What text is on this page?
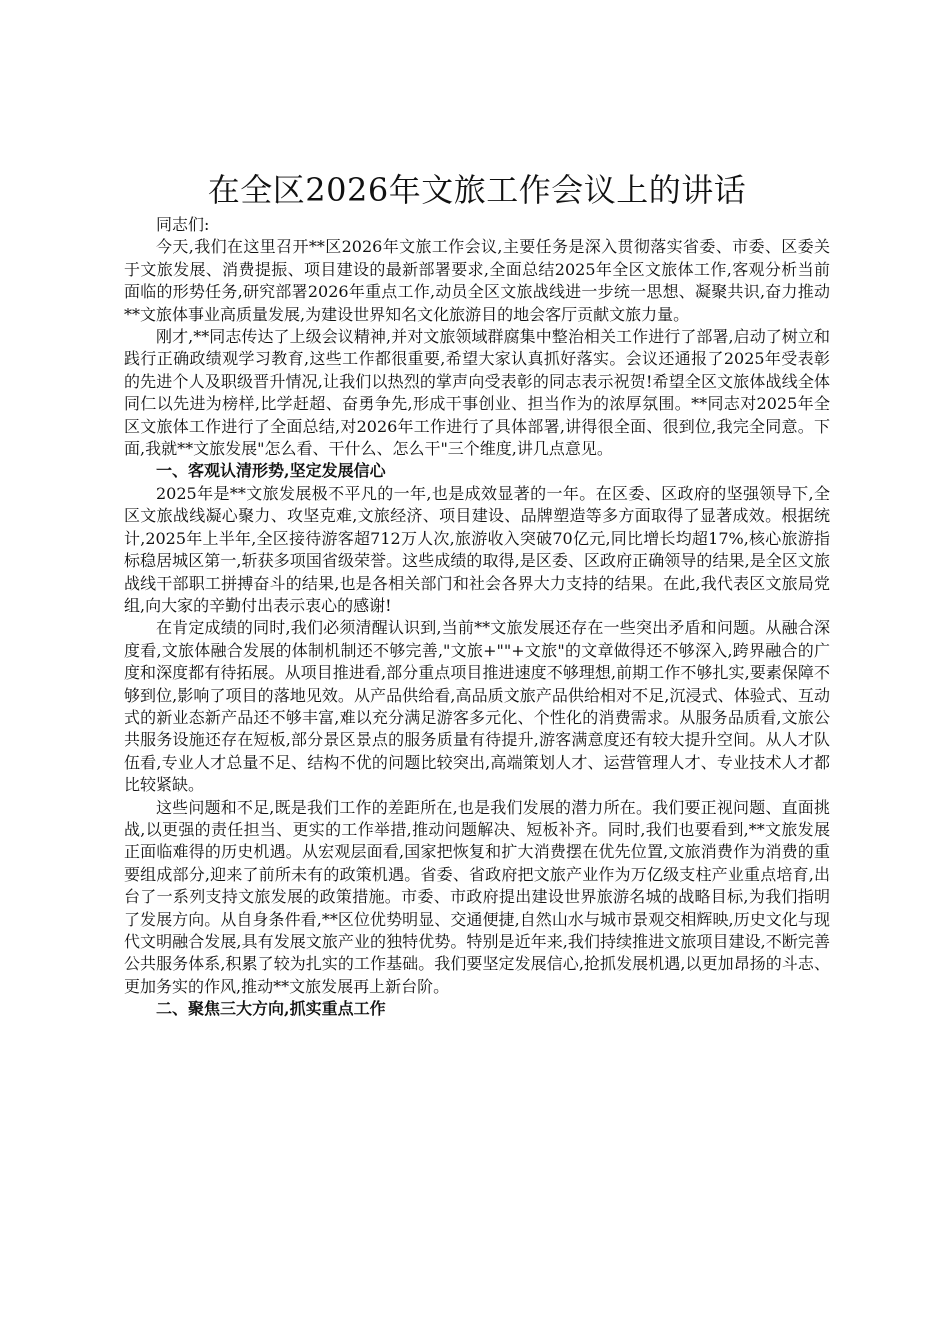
在全区2026年文旅工作会议上的讲话

同志们:

今天,我们在这里召开**区2026年文旅工作会议,主要任务是深入贯彻落实省委、市委、区委关于文旅发展、消费提振、项目建设的最新部署要求,全面总结2025年全区文旅体工作,客观分析当前面临的形势任务,研究部署2026年重点工作,动员全区文旅战线进一步统一思想、凝聚共识,奋力推动**文旅体事业高质量发展,为建设世界知名文化旅游目的地会客厅贡献文旅力量。

刚才,**同志传达了上级会议精神,并对文旅领域群腐集中整治相关工作进行了部署,启动了树立和践行正确政绩观学习教育,这些工作都很重要,希望大家认真抓好落实。会议还通报了2025年受表彰的先进个人及职级晋升情况,让我们以热烈的掌声向受表彰的同志表示祝贺!希望全区文旅体战线全体同仁以先进为榜样,比学赶超、奋勇争先,形成干事创业、担当作为的浓厚氛围。**同志对2025年全区文旅体工作进行了全面总结,对2026年工作进行了具体部署,讲得很全面、很到位,我完全同意。下面,我就**文旅发展"怎么看、干什么、怎么干"三个维度,讲几点意见。

一、客观认清形势,坚定发展信心

2025年是**文旅发展极不平凡的一年,也是成效显著的一年。在区委、区政府的坚强领导下,全区文旅战线凝心聚力、攻坚克难,文旅经济、项目建设、品牌塑造等多方面取得了显著成效。根据统计,2025年上半年,全区接待游客超712万人次,旅游收入突破70亿元,同比增长均超17%,核心旅游指标稳居城区第一,斩获多项国省级荣誉。这些成绩的取得,是区委、区政府正确领导的结果,是全区文旅战线干部职工拼搏奋斗的结果,也是各相关部门和社会各界大力支持的结果。在此,我代表区文旅局党组,向大家的辛勤付出表示衷心的感谢!

在肯定成绩的同时,我们必须清醒认识到,当前**文旅发展还存在一些突出矛盾和问题。从融合深度看,文旅体融合发展的体制机制还不够完善,"文旅+""+文旅"的文章做得还不够深入,跨界融合的广度和深度都有待拓展。从项目推进看,部分重点项目推进速度不够理想,前期工作不够扎实,要素保障不够到位,影响了项目的落地见效。从产品供给看,高品质文旅产品供给相对不足,沉浸式、体验式、互动式的新业态新产品还不够丰富,难以充分满足游客多元化、个性化的消费需求。从服务品质看,文旅公共服务设施还存在短板,部分景区景点的服务质量有待提升,游客满意度还有较大提升空间。从人才队伍看,专业人才总量不足、结构不优的问题比较突出,高端策划人才、运营管理人才、专业技术人才都比较紧缺。

这些问题和不足,既是我们工作的差距所在,也是我们发展的潜力所在。我们要正视问题、直面挑战,以更强的责任担当、更实的工作举措,推动问题解决、短板补齐。同时,我们也要看到,**文旅发展正面临难得的历史机遇。从宏观层面看,国家把恢复和扩大消费摆在优先位置,文旅消费作为消费的重要组成部分,迎来了前所未有的政策机遇。省委、省政府把文旅产业作为万亿级支柱产业重点培育,出台了一系列支持文旅发展的政策措施。市委、市政府提出建设世界旅游名城的战略目标,为我们指明了发展方向。从自身条件看,**区位优势明显、交通便捷,自然山水与城市景观交相辉映,历史文化与现代文明融合发展,具有发展文旅产业的独特优势。特别是近年来,我们持续推进文旅项目建设,不断完善公共服务体系,积累了较为扎实的工作基础。我们要坚定发展信心,抢抓发展机遇,以更加昂扬的斗志、更加务实的作风,推动**文旅发展再上新台阶。

二、聚焦三大方向,抓实重点工作
